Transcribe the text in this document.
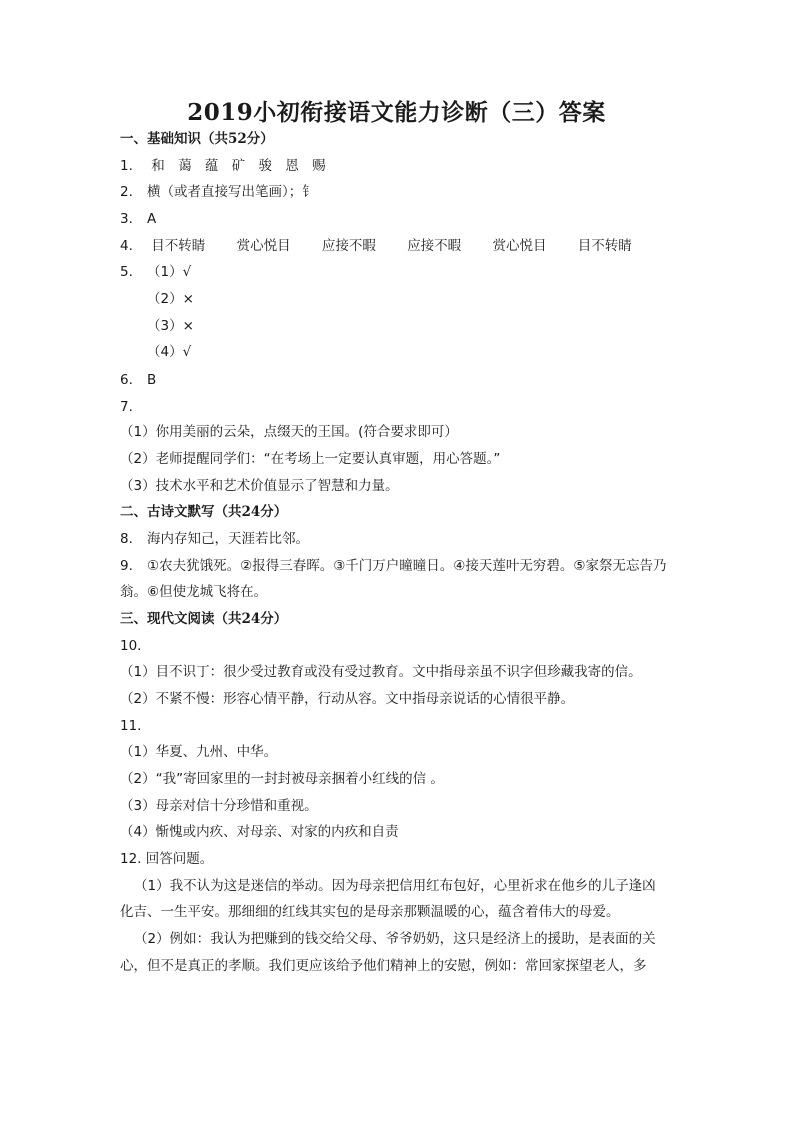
2019小初衔接语文能力诊断（三）答案
一、基础知识（共52分）
1. 和 蔼 蕴 矿 骏 恩 赐
2. 横（或者直接写出笔画）；钅
3. A
4. 目不转睛 赏心悦目 应接不暇 应接不暇 赏心悦目 目不转睛
5. （1）√
（2）×
（3）×
（4）√
6. B
7.
（1）你用美丽的云朵，点缀天的王国。(符合要求即可）
（2）老师提醒同学们：“在考场上一定要认真审题，用心答题。”
（3）技术水平和艺术价值显示了智慧和力量。
二、古诗文默写（共24分）
8. 海内存知己，天涯若比邻。
9. ①农夫犹饿死。②报得三春晖。③千门万户曈曈日。④接天莲叶无穷碧。⑤家祭无忘告乃
翁。⑥但使龙城飞将在。
三、现代文阅读（共24分）
10.
（1）目不识丁：很少受过教育或没有受过教育。文中指母亲虽不识字但珍藏我寄的信。
（2）不紧不慢：形容心情平静，行动从容。文中指母亲说话的心情很平静。
11.
（1）华夏、九州、中华。
（2）“我”寄回家里的一封封被母亲捆着小红线的信 。
（3）母亲对信十分珍惜和重视。
（4）惭愧或内疚、对母亲、对家的内疚和自责
12. 回答问题。
（1）我不认为这是迷信的举动。因为母亲把信用红布包好，心里祈求在他乡的儿子逢凶
化吉、一生平安。那细细的红线其实包的是母亲那颗温暖的心，蕴含着伟大的母爱。
（2）例如：我认为把赚到的钱交给父母、爷爷奶奶，这只是经济上的援助，是表面的关
心，但不是真正的孝顺。我们更应该给予他们精神上的安慰，例如：常回家探望老人，多
